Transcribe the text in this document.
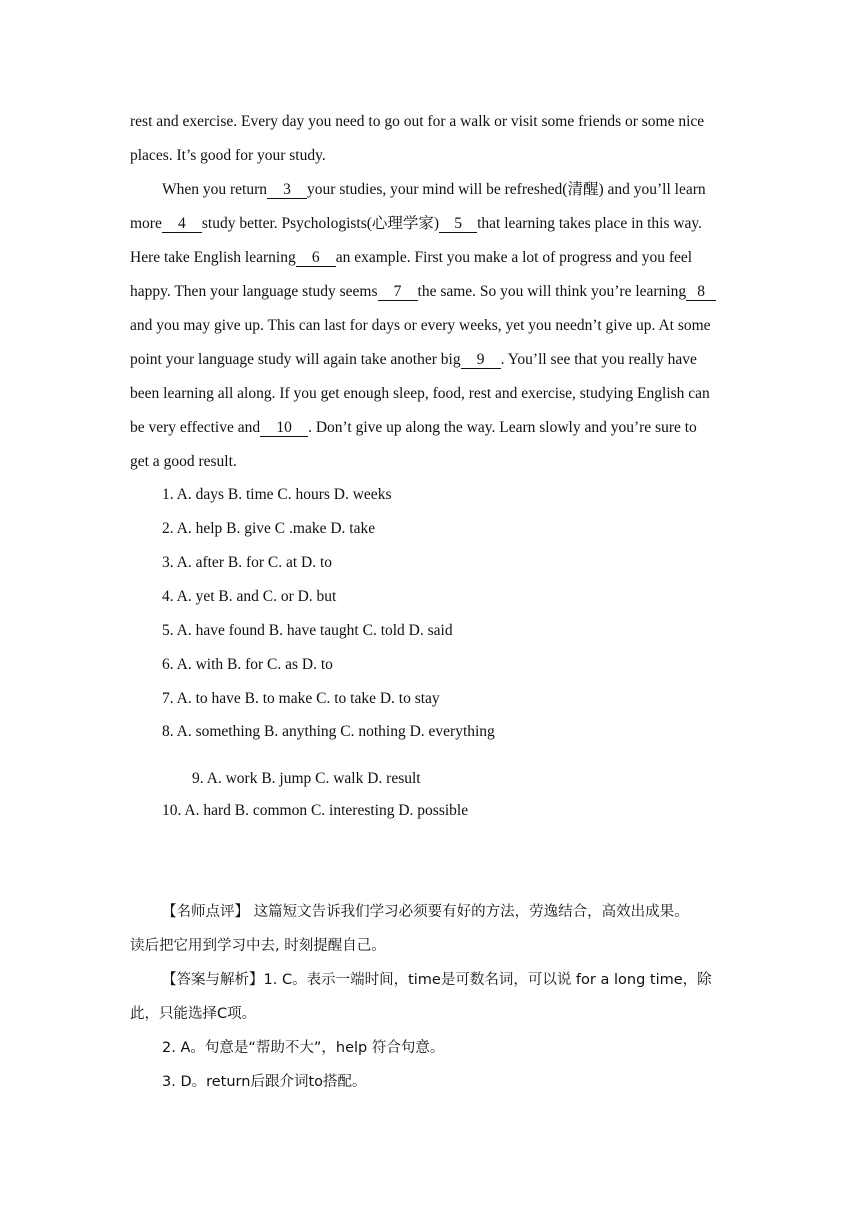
rest and exercise. Every day you need to go out for a walk or visit some friends or some nice
places. It’s good for your study.
When you return 3 your studies, your mind will be refreshed(清醒) and you’ll learn
more 4 study better. Psychologists(心理学家) 5 that learning takes place in this way.
Here take English learning 6 an example. First you make a lot of progress and you feel
happy. Then your language study seems 7 the same. So you will think you’re learning 8
and you may give up. This can last for days or every weeks, yet you needn’t give up. At some
point your language study will again take another big 9 . You’ll see that you really have
been learning all along. If you get enough sleep, food, rest and exercise, studying English can
be very effective and 10 . Don’t give up along the way. Learn slowly and you’re sure to
get a good result.
1. A. days B. time C. hours D. weeks
2. A. help B. give C .make D. take
3. A. after B. for C. at D. to
4. A. yet B. and C. or D. but
5. A. have found B. have taught C. told D. said
6. A. with B. for C. as D. to
7. A. to have B. to make C. to take D. to stay
8. A. something B. anything C. nothing D. everything
9. A. work B. jump C. walk D. result
10. A. hard B. common C. interesting D. possible
【名师点评】 这篇短文告诉我们学习必须要有好的方法，劳逸结合，高效出成果。
读后把它用到学习中去, 时刻提醒自己。
【答案与解析】1. C。表示一端时间，time是可数名词，可以说 for a long time，除
此，只能选择C项。
2. A。句意是“帮助不大”，help 符合句意。
3. D。return后跟介词to搭配。
